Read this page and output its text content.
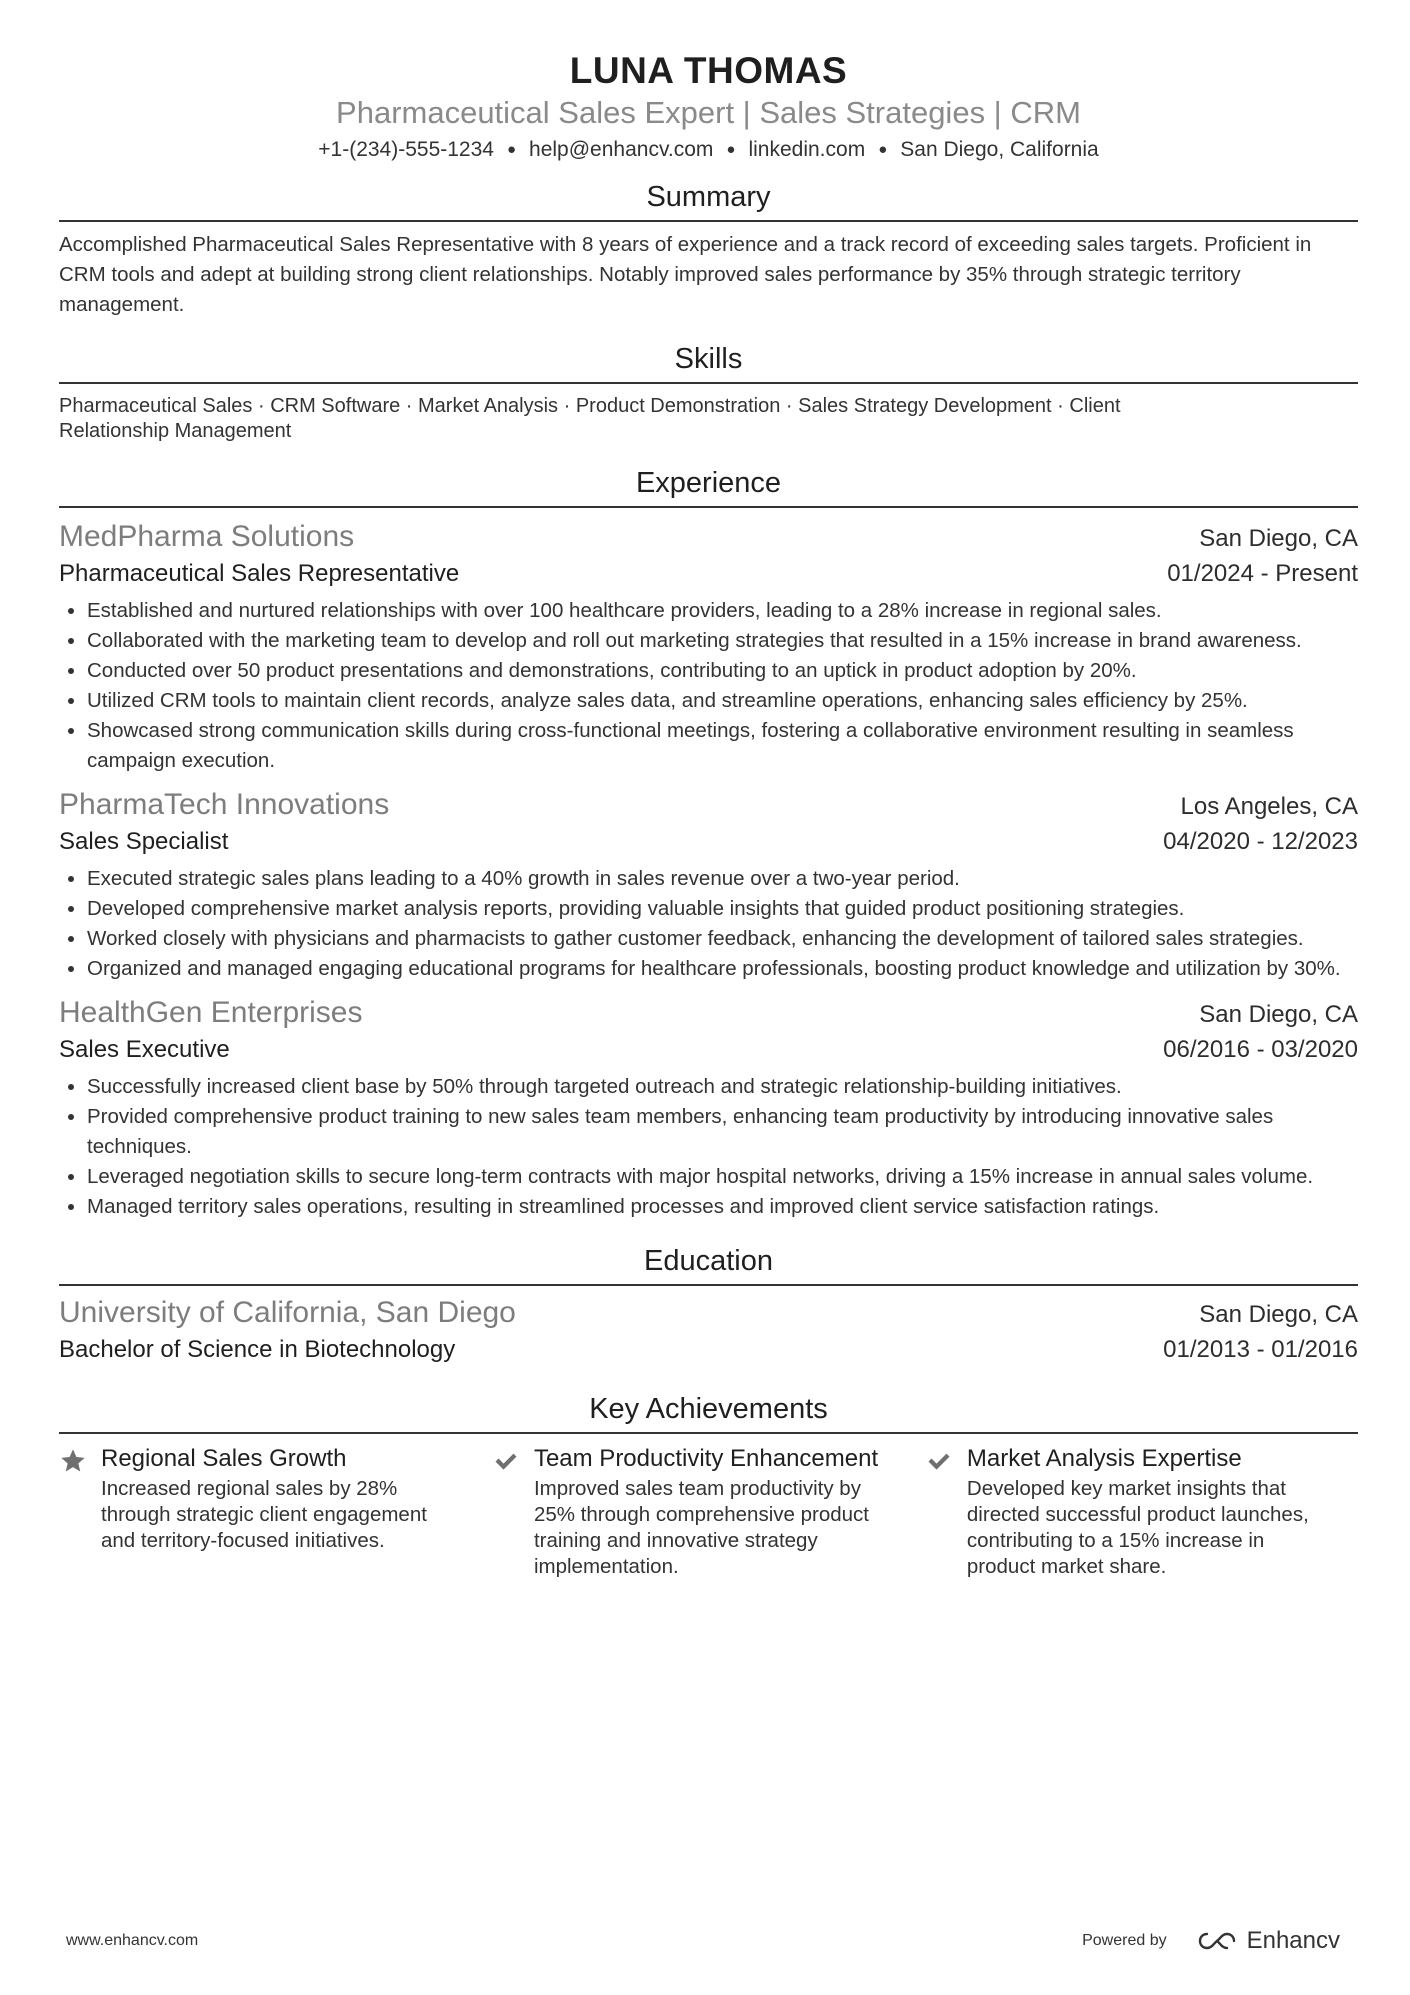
LUNA THOMAS
Pharmaceutical Sales Expert | Sales Strategies | CRM
+1-(234)-555-1234 ● help@enhancv.com ● linkedin.com ● San Diego, California
Summary
Accomplished Pharmaceutical Sales Representative with 8 years of experience and a track record of exceeding sales targets. Proficient in CRM tools and adept at building strong client relationships. Notably improved sales performance by 35% through strategic territory management.
Skills
Pharmaceutical Sales · CRM Software · Market Analysis · Product Demonstration · Sales Strategy Development · Client Relationship Management
Experience
MedPharma Solutions	San Diego, CA
Pharmaceutical Sales Representative	01/2024 - Present
• Established and nurtured relationships with over 100 healthcare providers, leading to a 28% increase in regional sales.
• Collaborated with the marketing team to develop and roll out marketing strategies that resulted in a 15% increase in brand awareness.
• Conducted over 50 product presentations and demonstrations, contributing to an uptick in product adoption by 20%.
• Utilized CRM tools to maintain client records, analyze sales data, and streamline operations, enhancing sales efficiency by 25%.
• Showcased strong communication skills during cross-functional meetings, fostering a collaborative environment resulting in seamless campaign execution.
PharmaTech Innovations	Los Angeles, CA
Sales Specialist	04/2020 - 12/2023
• Executed strategic sales plans leading to a 40% growth in sales revenue over a two-year period.
• Developed comprehensive market analysis reports, providing valuable insights that guided product positioning strategies.
• Worked closely with physicians and pharmacists to gather customer feedback, enhancing the development of tailored sales strategies.
• Organized and managed engaging educational programs for healthcare professionals, boosting product knowledge and utilization by 30%.
HealthGen Enterprises	San Diego, CA
Sales Executive	06/2016 - 03/2020
• Successfully increased client base by 50% through targeted outreach and strategic relationship-building initiatives.
• Provided comprehensive product training to new sales team members, enhancing team productivity by introducing innovative sales techniques.
• Leveraged negotiation skills to secure long-term contracts with major hospital networks, driving a 15% increase in annual sales volume.
• Managed territory sales operations, resulting in streamlined processes and improved client service satisfaction ratings.
Education
University of California, San Diego	San Diego, CA
Bachelor of Science in Biotechnology	01/2013 - 01/2016
Key Achievements
Regional Sales Growth
Increased regional sales by 28% through strategic client engagement and territory-focused initiatives.
Team Productivity Enhancement
Improved sales team productivity by 25% through comprehensive product training and innovative strategy implementation.
Market Analysis Expertise
Developed key market insights that directed successful product launches, contributing to a 15% increase in product market share.
www.enhancv.com	Powered by	Enhancv
